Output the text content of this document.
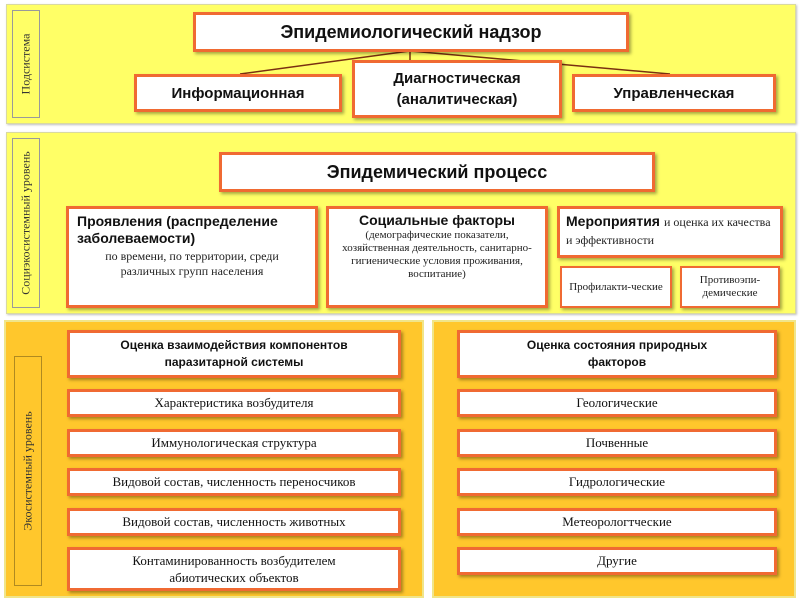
Подсистема
Эпидемиологический надзор
Информационная
Диагностическая (аналитическая)	Управленческая
Социэкосистемный уровень	Эпидемический процесс
Проявления (распределение заболеваемости)
по времени, по территории, среди различных групп населения
Социальные факторы
(демографические показатели, хозяйственная деятельность, санитарно-гигиенические условия проживания, воспитание)
Мероприятия и оценка их качества и эффективности
Профилакти-ческие
Противоэпи-демические
Экосистемный уровень
Оценка взаимодействия компонентов паразитарной системы
Характеристика возбудителя
Иммунологическая структура
Видовой состав, численность переносчиков
Видовой состав, численность животных
Контаминированность возбудителем абиотических объектов
Оценка состояния природных факторов
Геологические
Почвенные
Гидрологические
Метеорологтческие
Другие
